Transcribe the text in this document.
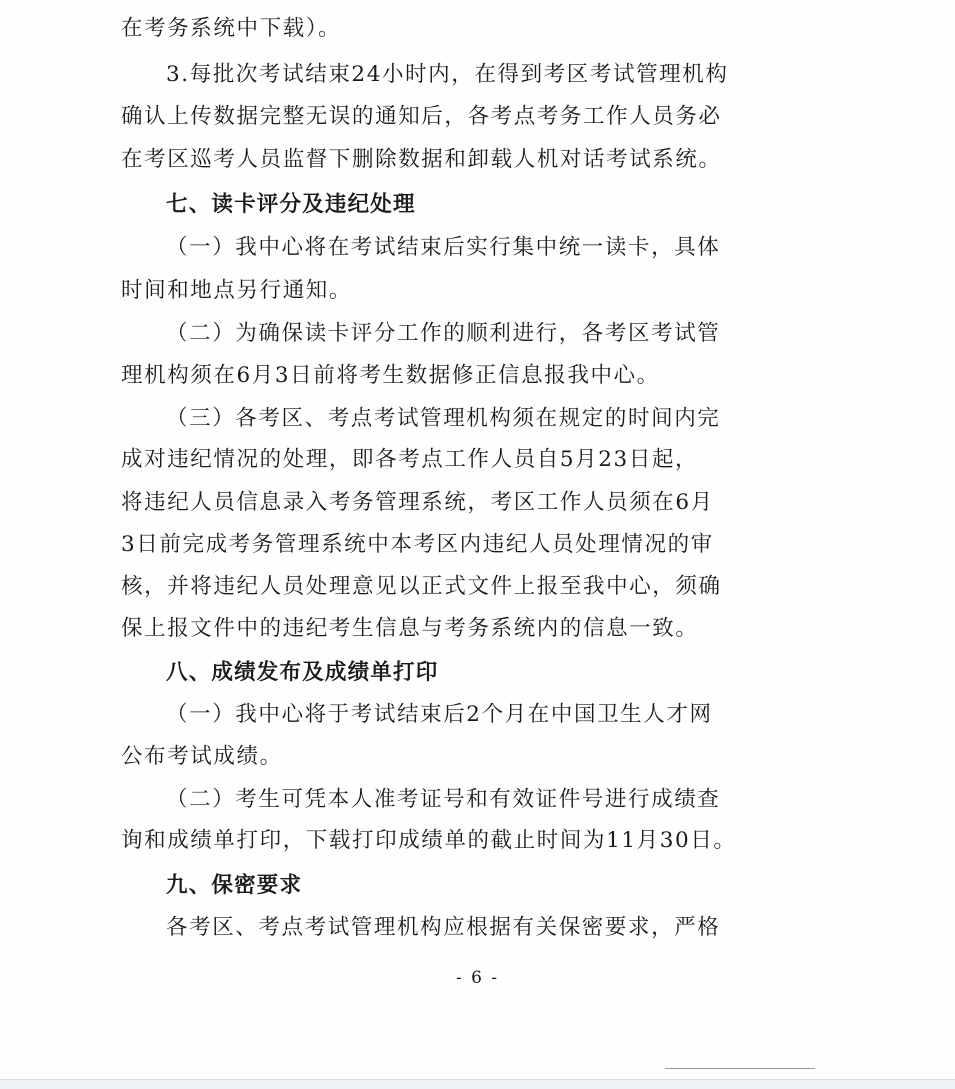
在考务系统中下载）。
3.每批次考试结束24小时内，在得到考区考试管理机构
确认上传数据完整无误的通知后，各考点考务工作人员务必
在考区巡考人员监督下删除数据和卸载人机对话考试系统。
七、读卡评分及违纪处理
（一）我中心将在考试结束后实行集中统一读卡，具体
时间和地点另行通知。
（二）为确保读卡评分工作的顺利进行，各考区考试管
理机构须在6月3日前将考生数据修正信息报我中心。
（三）各考区、考点考试管理机构须在规定的时间内完
成对违纪情况的处理，即各考点工作人员自5月23日起，
将违纪人员信息录入考务管理系统，考区工作人员须在6月
3日前完成考务管理系统中本考区内违纪人员处理情况的审
核，并将违纪人员处理意见以正式文件上报至我中心，须确
保上报文件中的违纪考生信息与考务系统内的信息一致。
八、成绩发布及成绩单打印
（一）我中心将于考试结束后2个月在中国卫生人才网
公布考试成绩。
（二）考生可凭本人准考证号和有效证件号进行成绩查
询和成绩单打印，下载打印成绩单的截止时间为11月30日。
九、保密要求
各考区、考点考试管理机构应根据有关保密要求，严格
- 6 -
